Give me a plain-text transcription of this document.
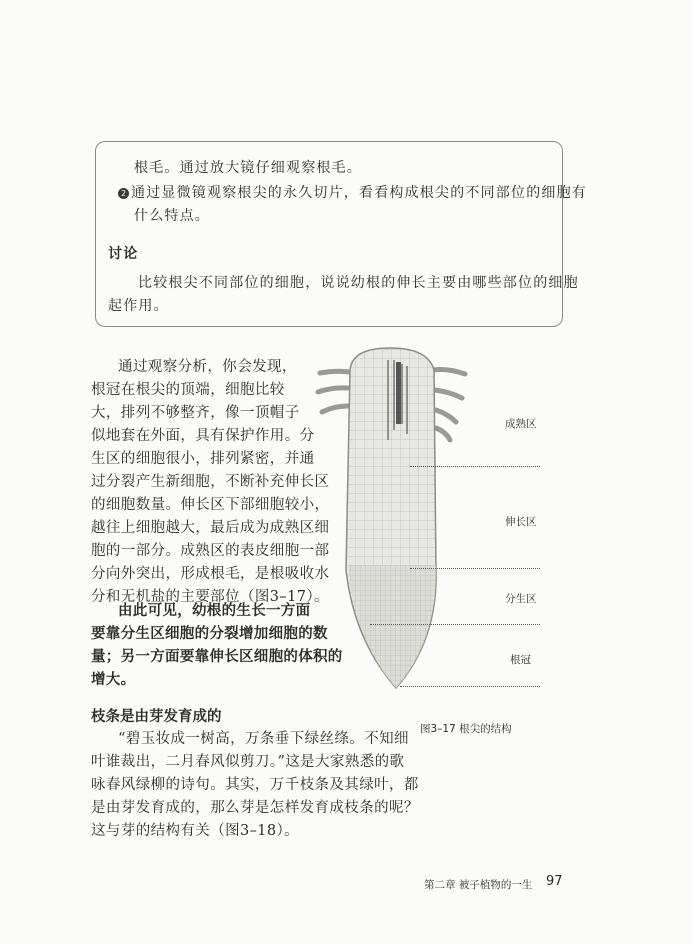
根毛。通过放大镜仔细观察根毛。
2 通过显微镜观察根尖的永久切片，看看构成根尖的不同部位的细胞有
什么特点。
讨论
比较根尖不同部位的细胞，说说幼根的伸长主要由哪些部位的细胞
起作用。
通过观察分析，你会发现，
根冠在根尖的顶端，细胞比较
大，排列不够整齐，像一顶帽子
似地套在外面，具有保护作用。分
生区的细胞很小，排列紧密，并通
过分裂产生新细胞，不断补充伸长区
的细胞数量。伸长区下部细胞较小，
越往上细胞越大，最后成为成熟区细
胞的一部分。成熟区的表皮细胞一部
分向外突出，形成根毛，是根吸收水
分和无机盐的主要部位（图3–17）。
由此可见，幼根的生长一方面
要靠分生区细胞的分裂增加细胞的数
量；另一方面要靠伸长区细胞的体积的
增大。
成熟区
伸长区
分生区
根冠
图3–17 根尖的结构
枝条是由芽发育成的
“碧玉妆成一树高，万条垂下绿丝绦。不知细
叶谁裁出，二月春风似剪刀。”这是大家熟悉的歌
咏春风绿柳的诗句。其实，万千枝条及其绿叶，都
是由芽发育成的，那么芽是怎样发育成枝条的呢？
这与芽的结构有关（图3–18）。
第二章 被子植物的一生 97
